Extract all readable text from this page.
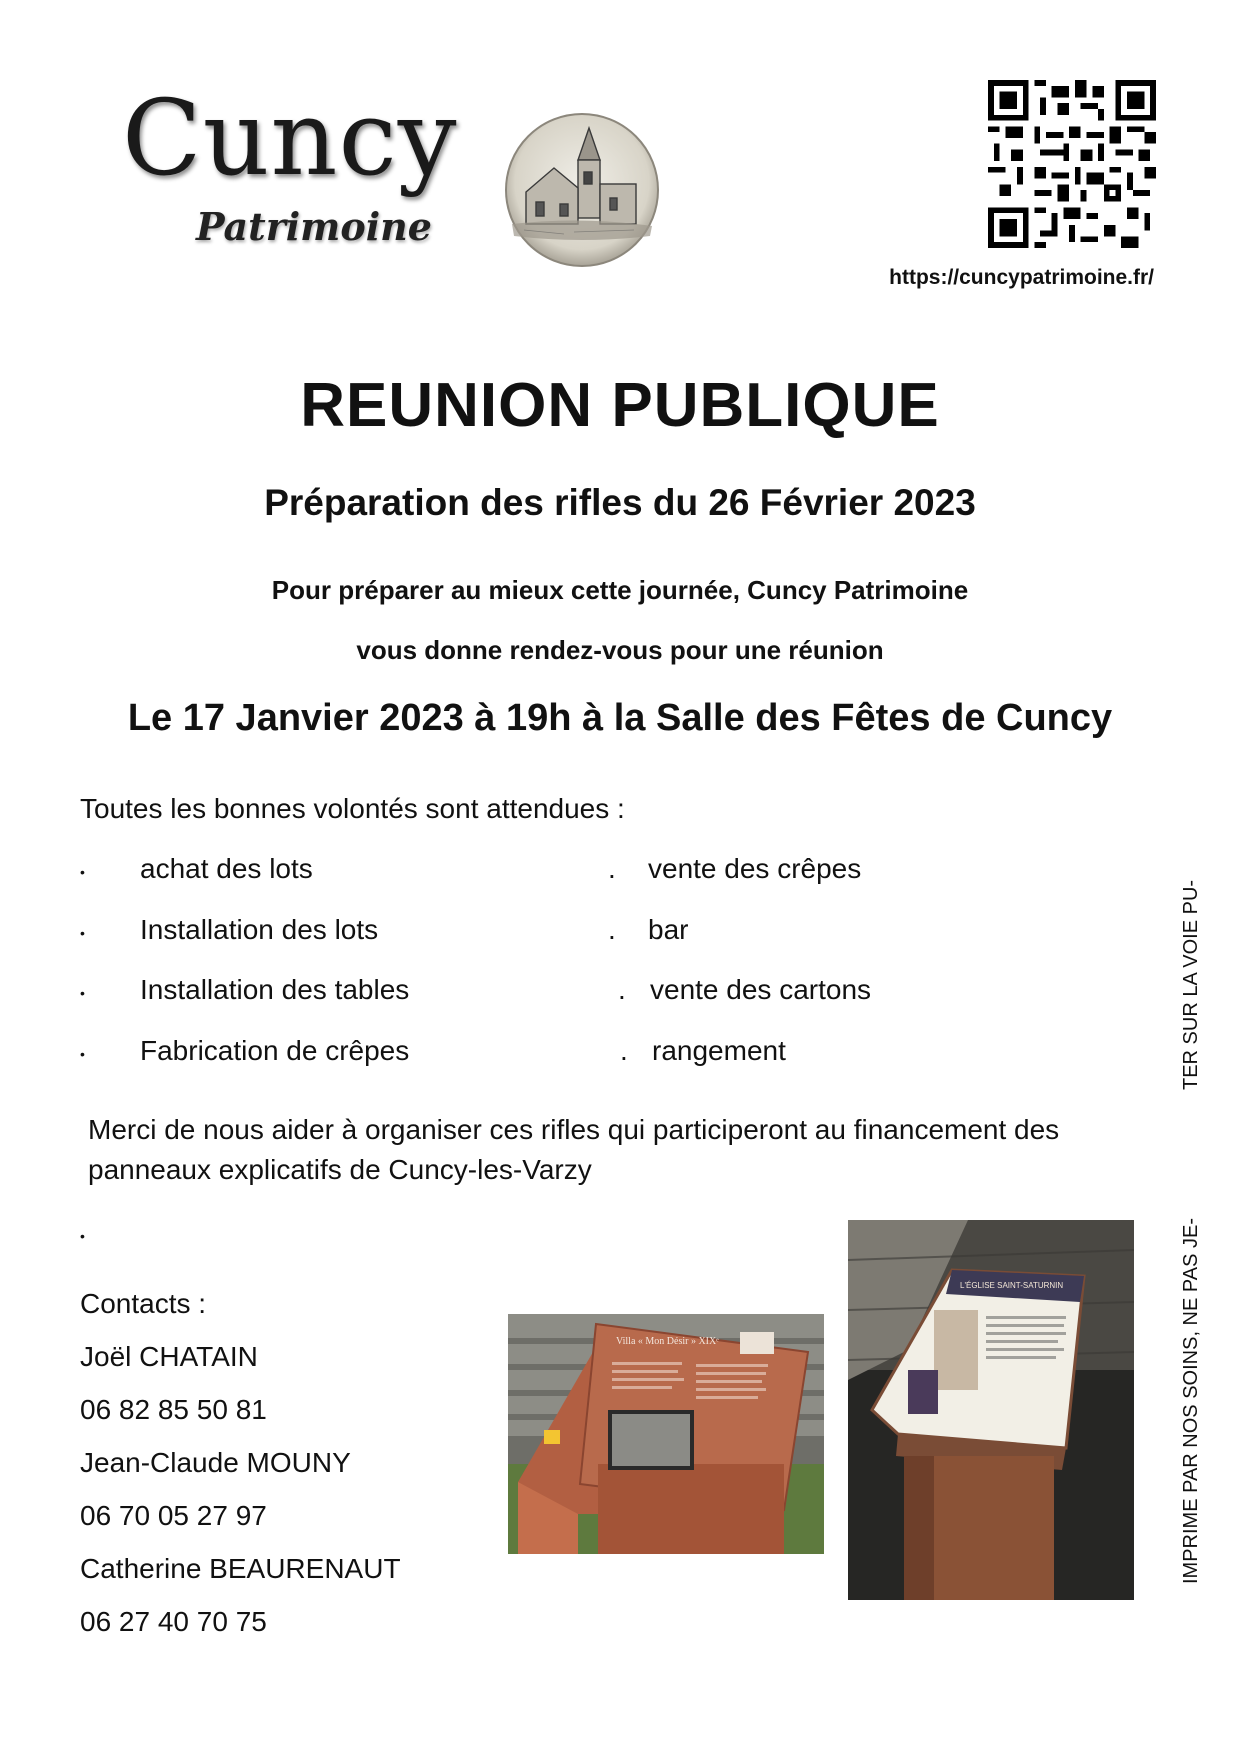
Cuncy
Patrimoine
https://cuncypatrimoine.fr/
REUNION PUBLIQUE
Préparation des rifles du 26 Février 2023
Pour préparer au mieux cette journée, Cuncy Patrimoine
vous donne rendez-vous pour une réunion
Le 17 Janvier 2023 à 19h à la Salle des Fêtes de Cuncy
Toutes les bonnes volontés sont attendues :
• achat des lots
• Installation des lots
• Installation des tables
• Fabrication de crêpes
. vente des crêpes
. bar
. vente des cartons
. rangement
Merci de nous aider à organiser ces rifles qui participeront au financement des panneaux explicatifs de Cuncy-les-Varzy
•
Contacts :
Joël CHATAIN
06 82 85 50 81
Jean-Claude MOUNY
06 70 05 27 97
Catherine BEAURENAUT
06 27 40 70 75
Villa « Mon Désir » XIXᵉ
L'ÉGLISE SAINT-SATURNIN	IMPRIME PAR NOS SOINS, NE PAS JE-
TER SUR LA VOIE PU-
